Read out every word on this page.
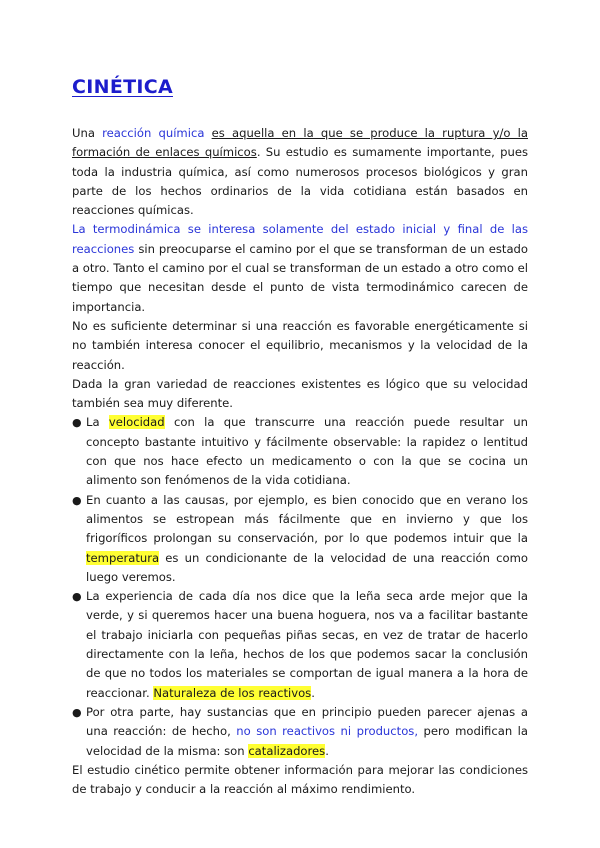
CINÉTICA

Una reacción química es aquella en la que se produce la ruptura y/o la formación de enlaces químicos. Su estudio es sumamente importante, pues toda la industria química, así como numerosos procesos biológicos y gran parte de los hechos ordinarios de la vida cotidiana están basados en reacciones químicas.

La termodinámica se interesa solamente del estado inicial y final de las reacciones sin preocuparse el camino por el que se transforman de un estado a otro. Tanto el camino por el cual se transforman de un estado a otro como el tiempo que necesitan desde el punto de vista termodinámico carecen de importancia.

No es suficiente determinar si una reacción es favorable energéticamente si no también interesa conocer el equilibrio, mecanismos y la velocidad de la reacción.

Dada la gran variedad de reacciones existentes es lógico que su velocidad también sea muy diferente.

● La velocidad con la que transcurre una reacción puede resultar un concepto bastante intuitivo y fácilmente observable: la rapidez o lentitud con que nos hace efecto un medicamento o con la que se cocina un alimento son fenómenos de la vida cotidiana.
● En cuanto a las causas, por ejemplo, es bien conocido que en verano los alimentos se estropean más fácilmente que en invierno y que los frigoríficos prolongan su conservación, por lo que podemos intuir que la temperatura es un condicionante de la velocidad de una reacción como luego veremos.
● La experiencia de cada día nos dice que la leña seca arde mejor que la verde, y si queremos hacer una buena hoguera, nos va a facilitar bastante el trabajo iniciarla con pequeñas piñas secas, en vez de tratar de hacerlo directamente con la leña, hechos de los que podemos sacar la conclusión de que no todos los materiales se comportan de igual manera a la hora de reaccionar. Naturaleza de los reactivos.
● Por otra parte, hay sustancias que en principio pueden parecer ajenas a una reacción: de hecho, no son reactivos ni productos, pero modifican la velocidad de la misma: son catalizadores.

El estudio cinético permite obtener información para mejorar las condiciones de trabajo y conducir a la reacción al máximo rendimiento.
